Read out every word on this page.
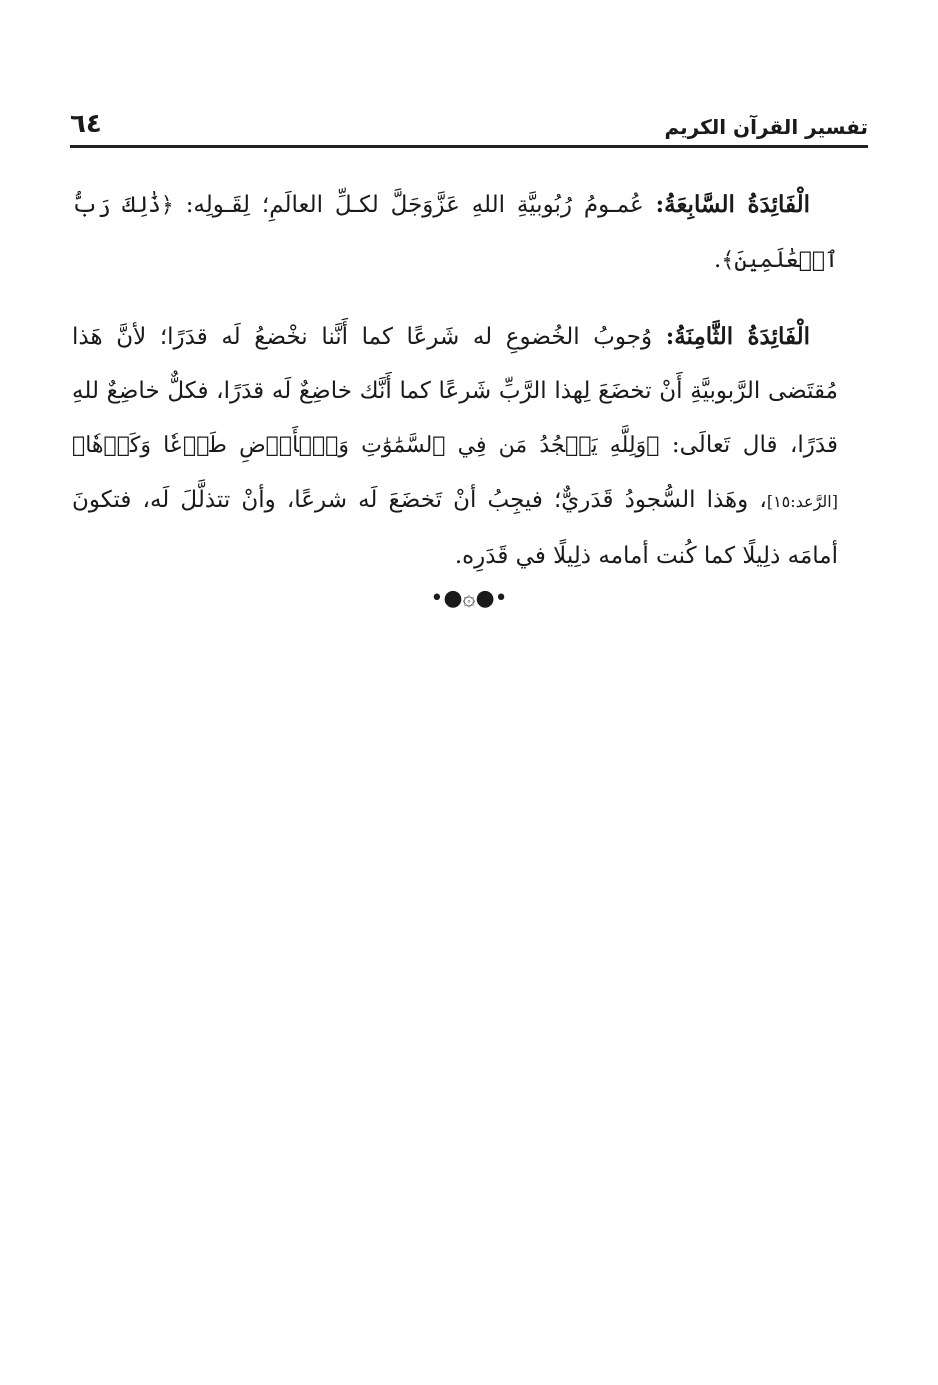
٦٤	تفسير القرآن الكريم

الْفَائِدَةُ السَّابِعَةُ: عُمـومُ رُبُوبيَّةِ اللهِ عَزَّوَجَلَّ لكـلِّ العالَمِ؛ لِقَـولِه: ﴿ذَٰلِكَ رَبُّ ٱلۡعَٰلَمِينَ﴾.

الْفَائِدَةُ الثَّامِنَةُ: وُجوبُ الخُضوعِ له شَرعًا كما أَنَّنا نخْضعُ لَه قدَرًا؛ لأنَّ هَذا مُقتَضى الرَّبوبيَّةِ أَنْ تخضَعَ لِهذا الرَّبِّ شَرعًا كما أَنَّك خاضِعٌ لَه قدَرًا، فكلٌّ خاضِعٌ للهِ قدَرًا، قال تَعالَى: ﴿وَلِلَّهِ يَسۡجُدُ مَن فِي ٱلسَّمَٰوَٰتِ وَٱلۡأَرۡضِ طَوۡعٗا وَكَرۡهٗا﴾ [الرَّعد:١٥]، وهَذا السُّجودُ قَدَريٌّ؛ فيجِبُ أنْ تَخضَعَ لَه شرعًا، وأنْ تتذلَّلَ لَه، فتكونَ أمامَه ذلِيلًا كما كُنت أمامه ذلِيلًا في قَدَرِه.

•●۞●•
